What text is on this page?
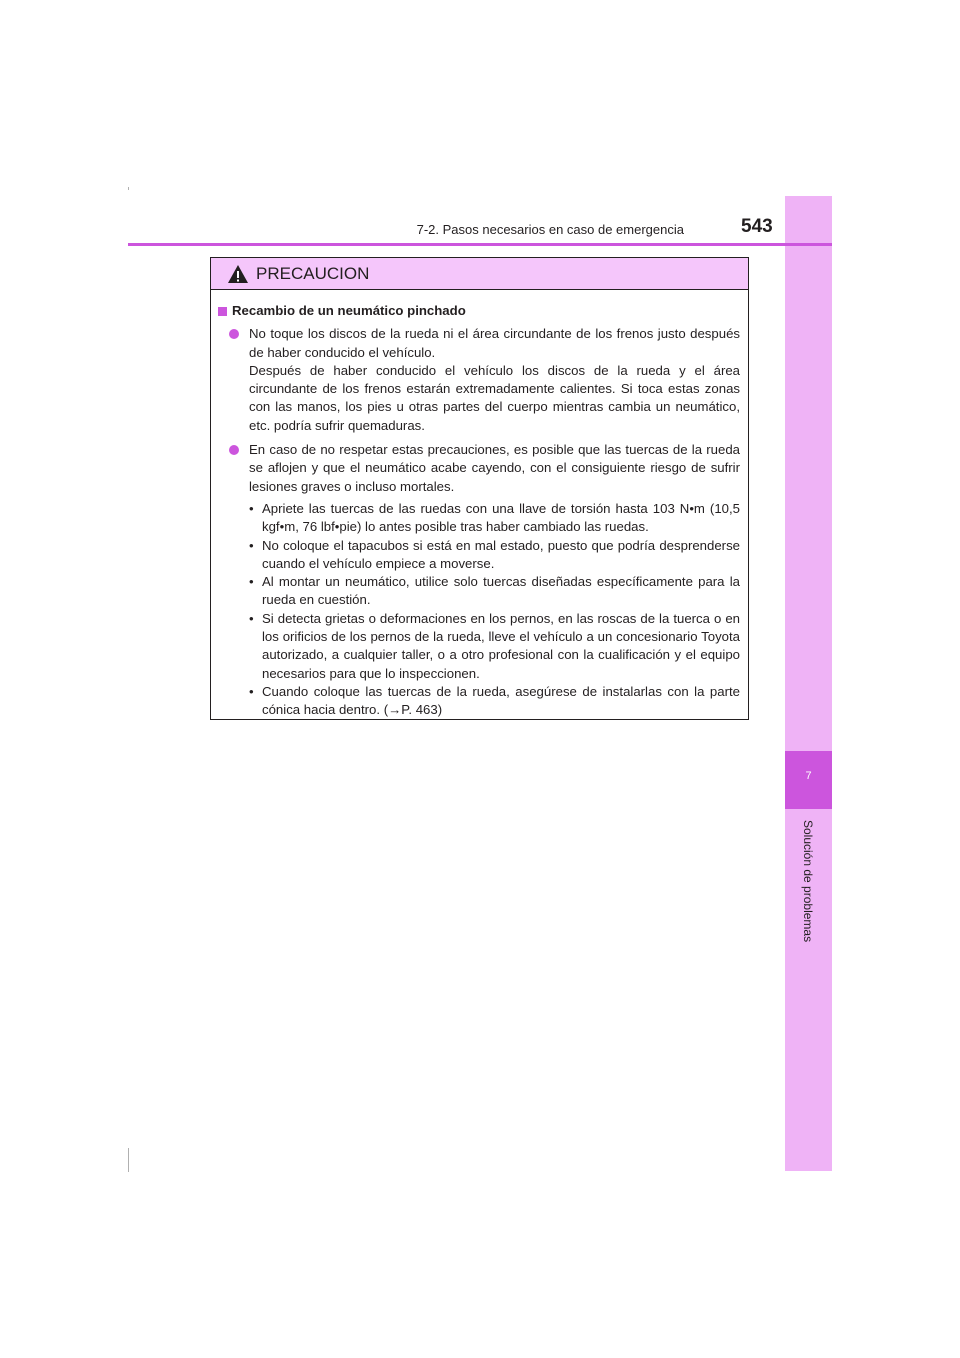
7
Solución de problemas
7-2. Pasos necesarios en caso de emergencia	543
PRECAUCION
Recambio de un neumático pinchado
No toque los discos de la rueda ni el área circundante de los frenos justo después de haber conducido el vehículo.
Después de haber conducido el vehículo los discos de la rueda y el área circundante de los frenos estarán extremadamente calientes. Si toca estas zonas con las manos, los pies u otras partes del cuerpo mientras cambia un neumático, etc. podría sufrir quemaduras.
En caso de no respetar estas precauciones, es posible que las tuercas de la rueda se aflojen y que el neumático acabe cayendo, con el consiguiente riesgo de sufrir lesiones graves o incluso mortales.
• Apriete las tuercas de las ruedas con una llave de torsión hasta 103 N•m (10,5 kgf•m, 76 lbf•pie) lo antes posible tras haber cambiado las ruedas.
• No coloque el tapacubos si está en mal estado, puesto que podría desprenderse cuando el vehículo empiece a moverse.
• Al montar un neumático, utilice solo tuercas diseñadas específicamente para la rueda en cuestión.
• Si detecta grietas o deformaciones en los pernos, en las roscas de la tuerca o en los orificios de los pernos de la rueda, lleve el vehículo a un concesionario Toyota autorizado, a cualquier taller, o a otro profesional con la cualificación y el equipo necesarios para que lo inspeccionen.
• Cuando coloque las tuercas de la rueda, asegúrese de instalarlas con la parte cónica hacia dentro. (→P. 463)
